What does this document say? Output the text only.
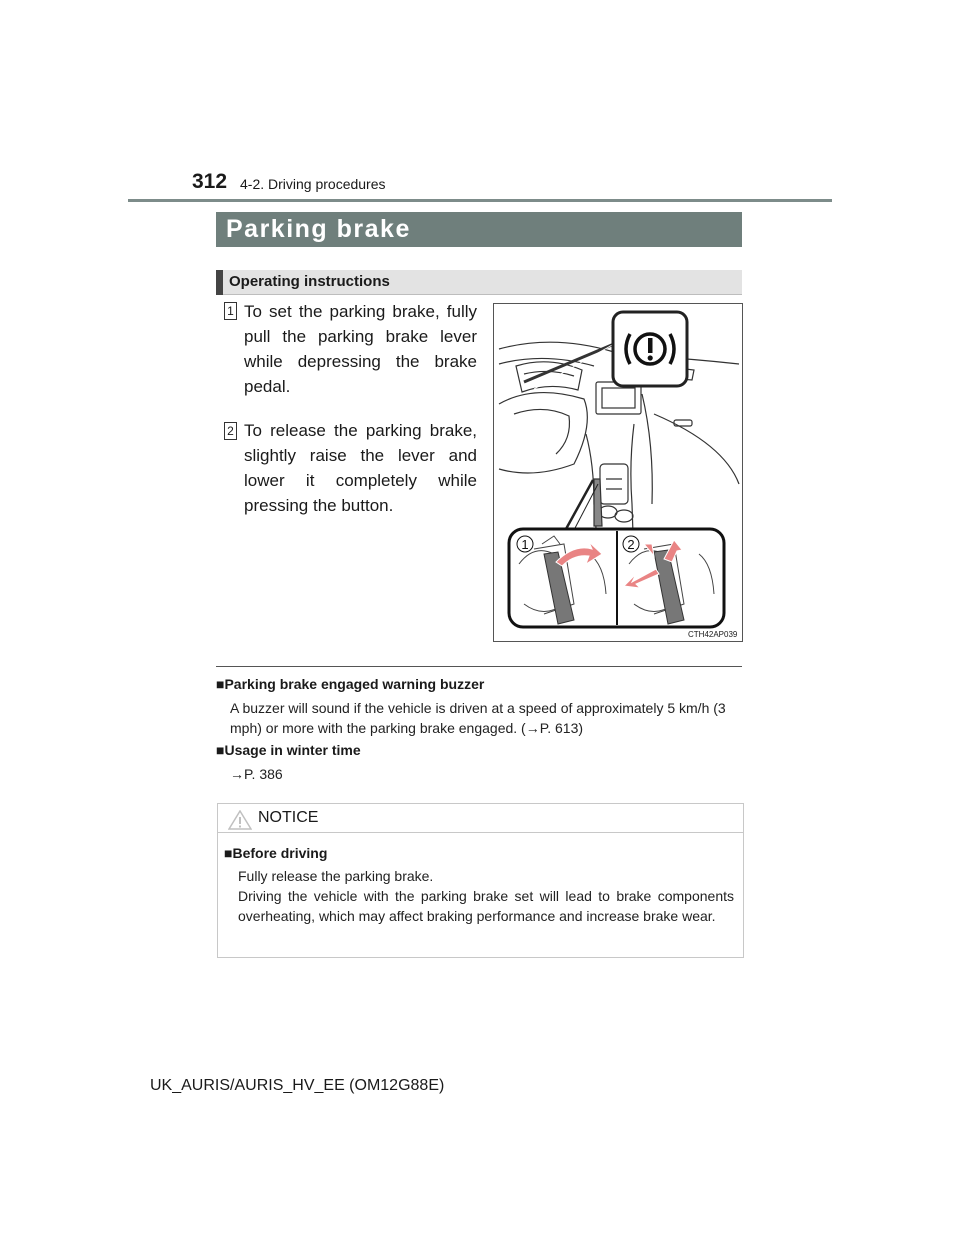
312 4-2. Driving procedures
Parking brake
Operating instructions
1 To set the parking brake, fully pull the parking brake lever while depressing the brake pedal.
2 To release the parking brake, slightly raise the lever and lower it completely while pressing the button.
1	2
CTH42AP039
■Parking brake engaged warning buzzer
A buzzer will sound if the vehicle is driven at a speed of approximately 5 km/h (3 mph) or more with the parking brake engaged. (→P. 613)
■Usage in winter time
→P. 386
NOTICE
■Before driving
Fully release the parking brake.
Driving the vehicle with the parking brake set will lead to brake components overheating, which may affect braking performance and increase brake wear.
UK_AURIS/AURIS_HV_EE (OM12G88E)
